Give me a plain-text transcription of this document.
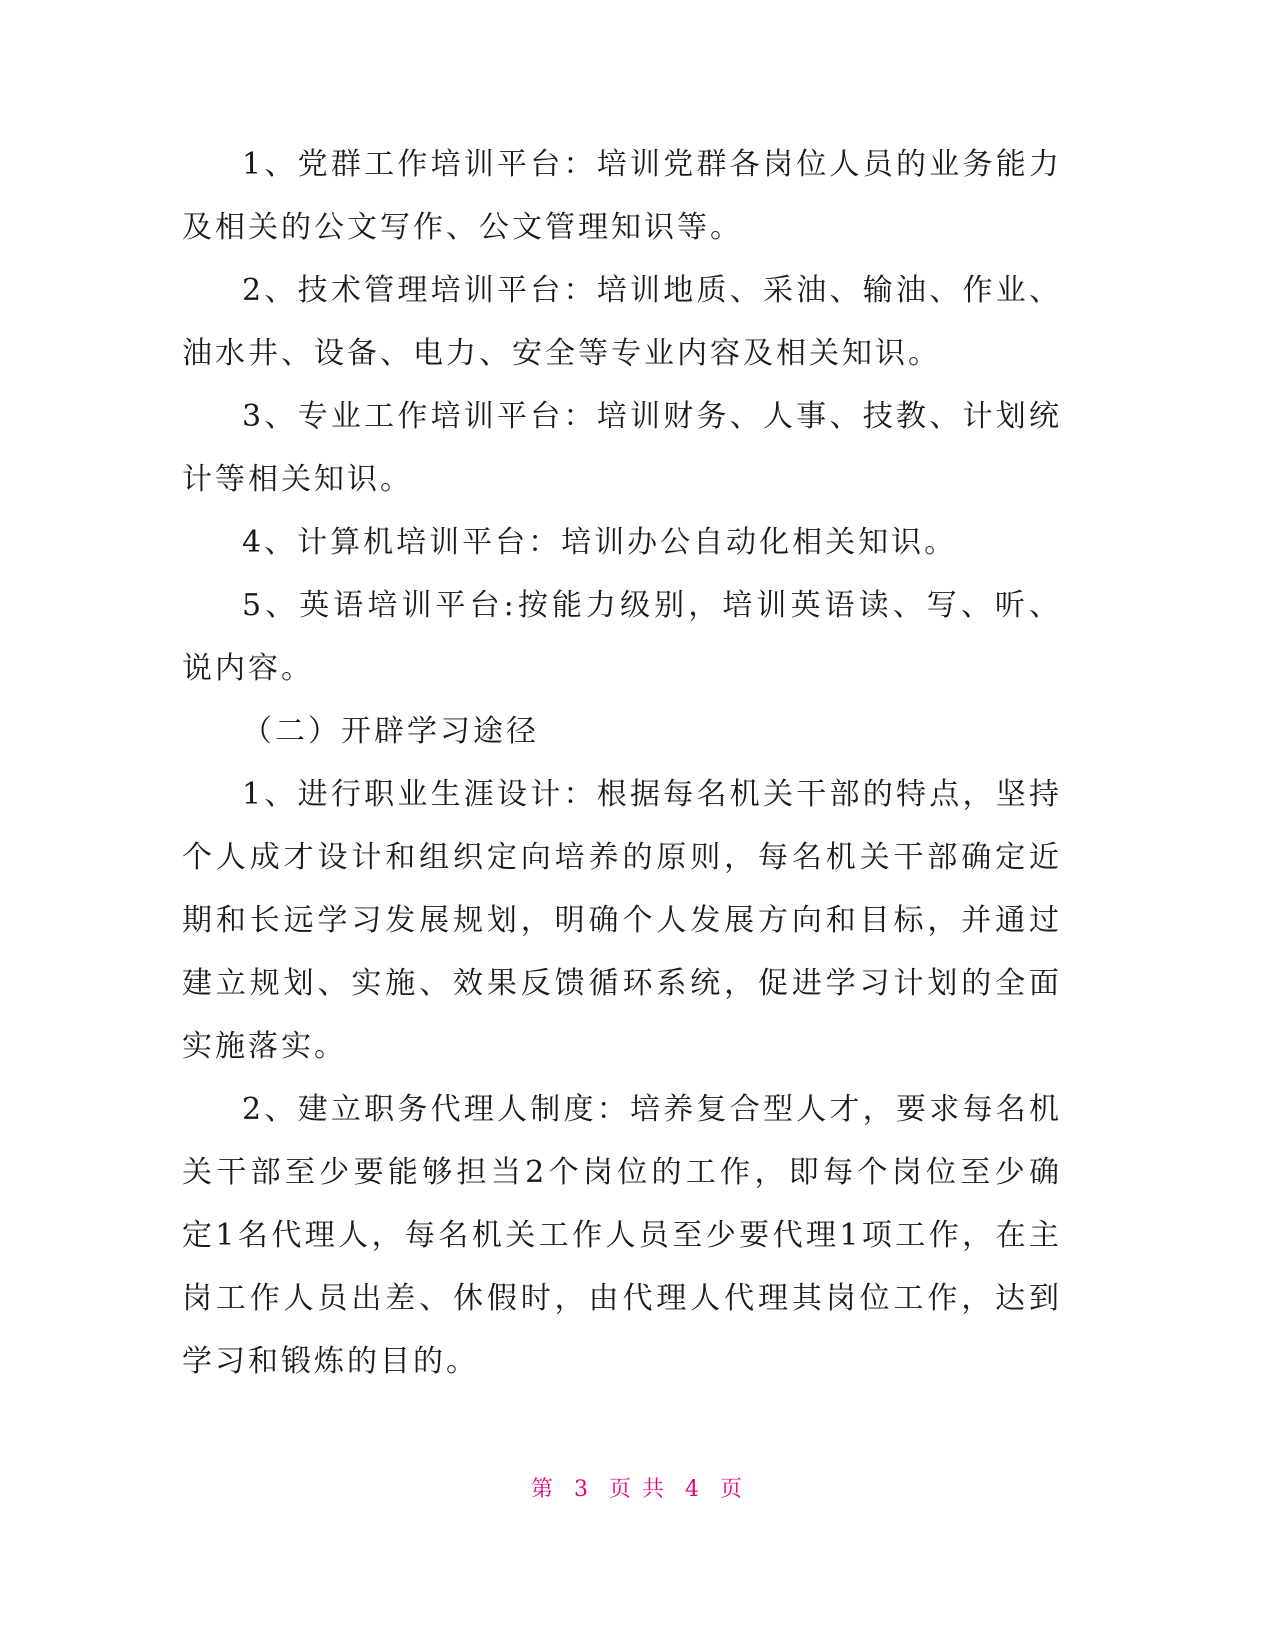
1、党群工作培训平台：培训党群各岗位人员的业务能力及相关的公文写作、公文管理知识等。

2、技术管理培训平台：培训地质、采油、输油、作业、油水井、设备、电力、安全等专业内容及相关知识。

3、专业工作培训平台：培训财务、人事、技教、计划统计等相关知识。

4、计算机培训平台：培训办公自动化相关知识。

5、英语培训平台:按能力级别，培训英语读、写、听、说内容。

（二）开辟学习途径

1、进行职业生涯设计：根据每名机关干部的特点，坚持个人成才设计和组织定向培养的原则，每名机关干部确定近期和长远学习发展规划，明确个人发展方向和目标，并通过建立规划、实施、效果反馈循环系统，促进学习计划的全面实施落实。

2、建立职务代理人制度：培养复合型人才，要求每名机关干部至少要能够担当2个岗位的工作，即每个岗位至少确定1名代理人，每名机关工作人员至少要代理1项工作，在主岗工作人员出差、休假时，由代理人代理其岗位工作，达到学习和锻炼的目的。

第 3 页 共 4 页
